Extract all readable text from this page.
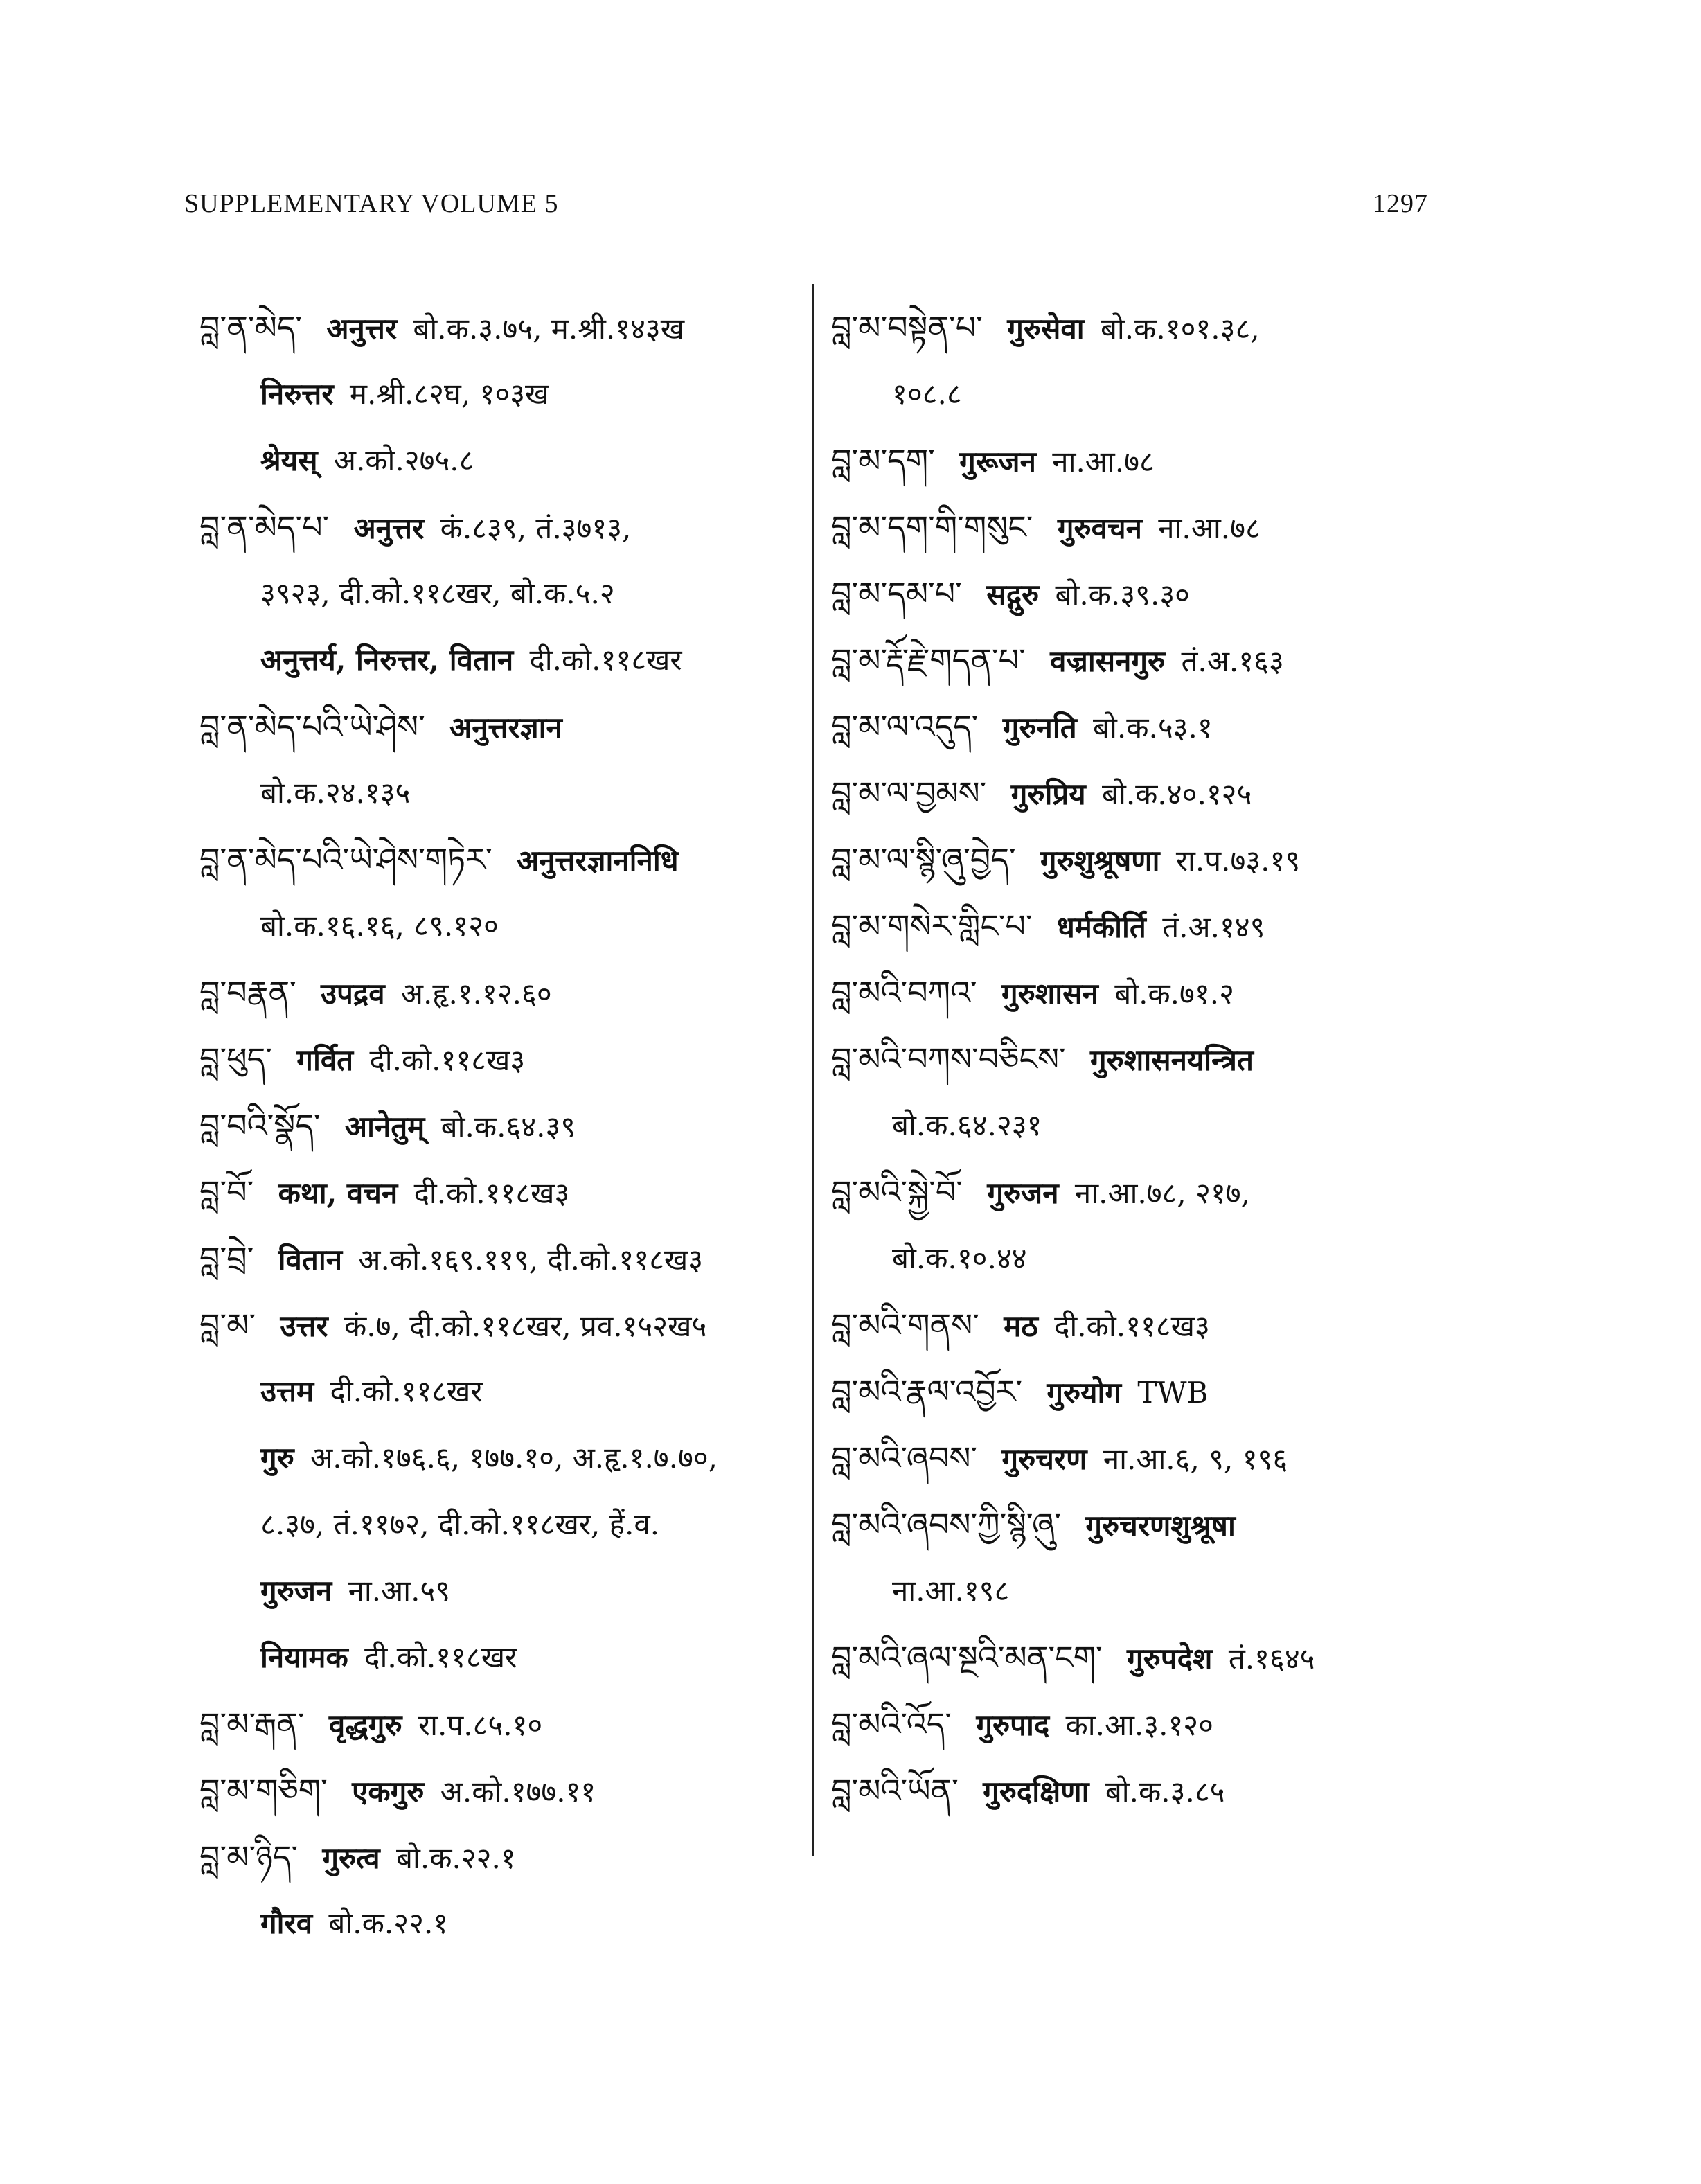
SUPPLEMENTARY VOLUME 5	1297
བླ་ན་མེད་ अनुत्तर बो.क.३.७५, म.श्री.१४३ख
निरुत्तर म.श्री.८२घ, १०३ख
श्रेयस् अ.को.२७५.८
བླ་ན་མེད་པ་ अनुत्तर कं.८३९, तं.३७१३,
३९२३, दी.को.११८खर, बो.क.५.२
अनुत्तर्य, निरुत्तर, वितान दी.को.११८खर
བླ་ན་མེད་པའི་ཡེ་ཤེས་ अनुत्तरज्ञान
बो.क.२४.१३५
བླ་ན་མེད་པའི་ཡེ་ཤེས་གཏེར་ अनुत्तरज्ञाननिधि
बो.क.१६.१६, ८९.१२०
བླ་བརྣན་ उपद्रव अ.हृ.१.१२.६०
བླ་ཕུད་ गर्वित दी.को.११८ख३
བླ་བའི་སྣོད་ आनेतुम् बो.क.६४.३९
བླ་བོ་ कथा, वचन दी.को.११८ख३
བླ་བྲེ་ वितान अ.को.१६९.११९, दी.को.११८ख३
བླ་མ་ उत्तर कं.७, दी.को.११८खर, प्रव.१५२ख५
उत्तम दी.को.११८खर
गुरु अ.को.१७६.६, १७७.१०, अ.हृ.१.७.७०,
८.३७, तं.११७२, दी.को.११८खर, हें.व.
गुरुजन ना.आ.५९
नियामक दी.को.११८खर
བླ་མ་རྒན་ वृद्धगुरु रा.प.८५.१०
བླ་མ་གཅིག་ एकगुरु अ.को.१७७.११
བླ་མ་ཉིད་ गुरुत्व बो.क.२२.१
गौरव बो.क.२२.१
བླ་མ་བསྟེན་པ་ गुरुसेवा बो.क.१०१.३८,
१०८.८
བླ་མ་དག་ गुरूजन ना.आ.७८
བླ་མ་དག་གི་གསུང་ गुरुवचन ना.आ.७८
བླ་མ་དམ་པ་ सद्गुरु बो.क.३९.३०
བླ་མ་རྡོ་རྗེ་གདན་པ་ वज्रासनगुरु तं.अ.१६३
བླ་མ་ལ་འདུད་ गुरुनति बो.क.५३.१
བླ་མ་ལ་བྱམས་ गुरुप्रिय बो.क.४०.१२५
བླ་མ་ལ་སྙི་ཞུ་བྱེད་ गुरुशुश्रूषणा रा.प.७३.१९
བླ་མ་གསེར་གླིང་པ་ धर्मकीर्ति तं.अ.१४९
བླ་མའི་བཀའ་ गुरुशासन बो.क.७१.२
བླ་མའི་བཀས་བཅིངས་ गुरुशासनयन्त्रित
बो.क.६४.२३१
བླ་མའི་སྐྱེ་བོ་ गुरुजन ना.आ.७८, २१७,
बो.क.१०.४४
བླ་མའི་གནས་ मठ दी.को.११८ख३
བླ་མའི་རྣལ་འབྱོར་ गुरुयोग TWB
བླ་མའི་ཞབས་ गुरुचरण ना.आ.६, ९, १९६
བླ་མའི་ཞབས་ཀྱི་སྙི་ཞུ་ गुरुचरणशुश्रूषा
ना.आ.१९८
བླ་མའི་ཞལ་སྔའི་མན་ངག་ गुरुपदेश तं.१६४५
བླ་མའི་འོད་ गुरुपाद का.आ.३.१२०
བླ་མའི་ཡོན་ गुरुदक्षिणा बो.क.३.८५
